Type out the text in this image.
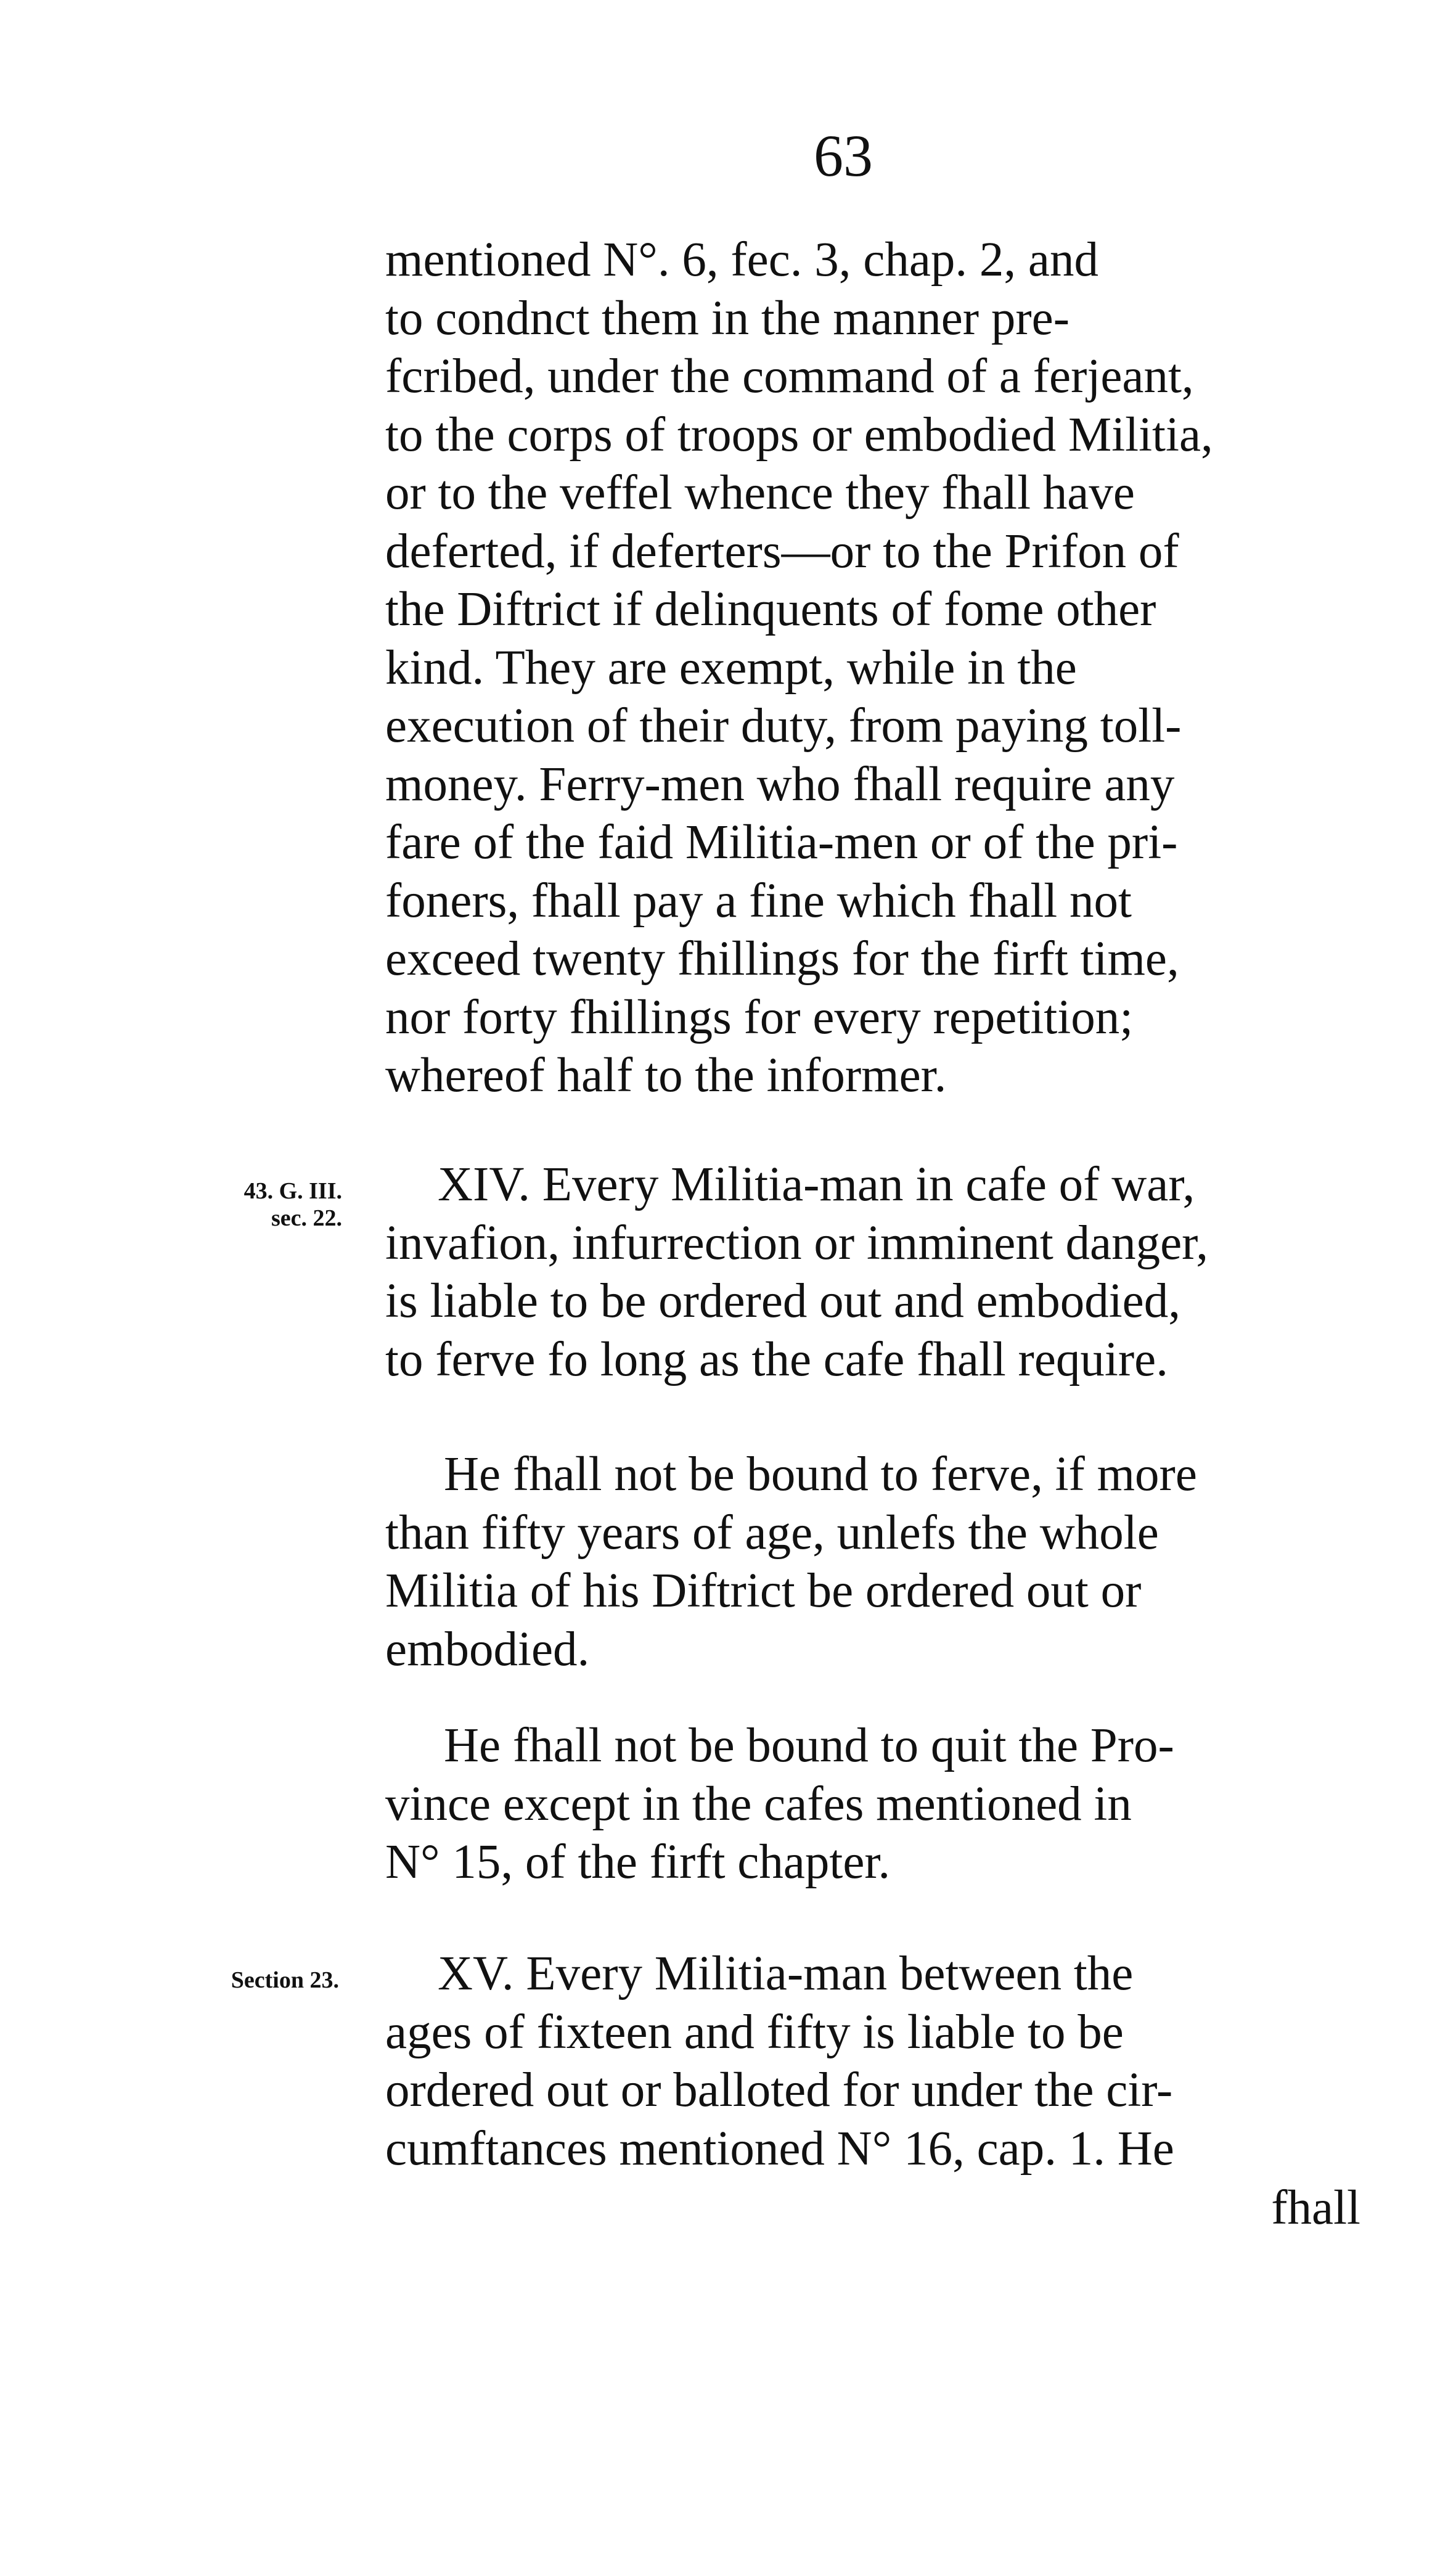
63
43. G. III.
sec. 22.
Section 23.
mentioned N°. 6, fec. 3, chap. 2, and
to condnct them in the manner pre-
fcribed, under the command of a ferjeant,
to the corps of troops or embodied Militia,
or to the veffel whence they fhall have
deferted, if deferters—or to the Prifon of
the Diftrict if delinquents of fome other
kind. They are exempt, while in the
execution of their duty, from paying toll-
money. Ferry-men who fhall require any
fare of the faid Militia-men or of the pri-
foners, fhall pay a fine which fhall not
exceed twenty fhillings for the firft time,
nor forty fhillings for every repetition;
whereof half to the informer.
XIV. Every Militia-man in cafe of war,
invafion, infurrection or imminent danger,
is liable to be ordered out and embodied,
to ferve fo long as the cafe fhall require.
He fhall not be bound to ferve, if more
than fifty years of age, unlefs the whole
Militia of his Diftrict be ordered out or
embodied.
He fhall not be bound to quit the Pro-
vince except in the cafes mentioned in
N° 15, of the firft chapter.
XV. Every Militia-man between the
ages of fixteen and fifty is liable to be
ordered out or balloted for under the cir-
cumftances mentioned N° 16, cap. 1. He
fhall
